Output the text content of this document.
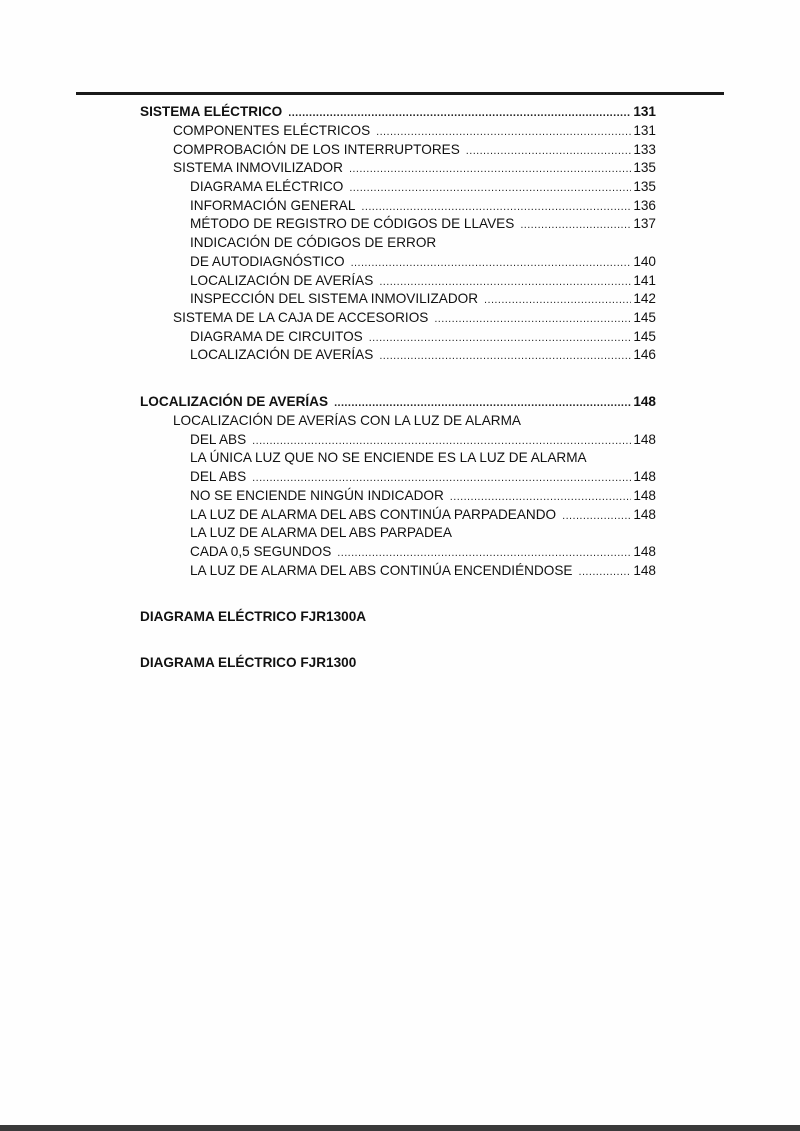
SISTEMA ELÉCTRICO .....	131
COMPONENTES ELÉCTRICOS .....	131
COMPROBACIÓN DE LOS INTERRUPTORES .....	133
SISTEMA INMOVILIZADOR .....	135
DIAGRAMA ELÉCTRICO .....	135
INFORMACIÓN GENERAL .....	136
MÉTODO DE REGISTRO DE CÓDIGOS DE LLAVES .....	137
INDICACIÓN DE CÓDIGOS DE ERROR
DE AUTODIAGNÓSTICO .....	140
LOCALIZACIÓN DE AVERÍAS .....	141
INSPECCIÓN DEL SISTEMA INMOVILIZADOR .....	142
SISTEMA DE LA CAJA DE ACCESORIOS .....	145
DIAGRAMA DE CIRCUITOS .....	145
LOCALIZACIÓN DE AVERÍAS .....	146
LOCALIZACIÓN DE AVERÍAS .....	148
LOCALIZACIÓN DE AVERÍAS CON LA LUZ DE ALARMA
DEL ABS .....	148
LA ÚNICA LUZ QUE NO SE ENCIENDE ES LA LUZ DE ALARMA
DEL ABS .....	148
NO SE ENCIENDE NINGÚN INDICADOR .....	148
LA LUZ DE ALARMA DEL ABS CONTINÚA PARPADEANDO .....	148
LA LUZ DE ALARMA DEL ABS PARPADEA
CADA 0,5 SEGUNDOS .....	148
LA LUZ DE ALARMA DEL ABS CONTINÚA ENCENDIÉNDOSE .....	148
DIAGRAMA ELÉCTRICO FJR1300A
DIAGRAMA ELÉCTRICO FJR1300
